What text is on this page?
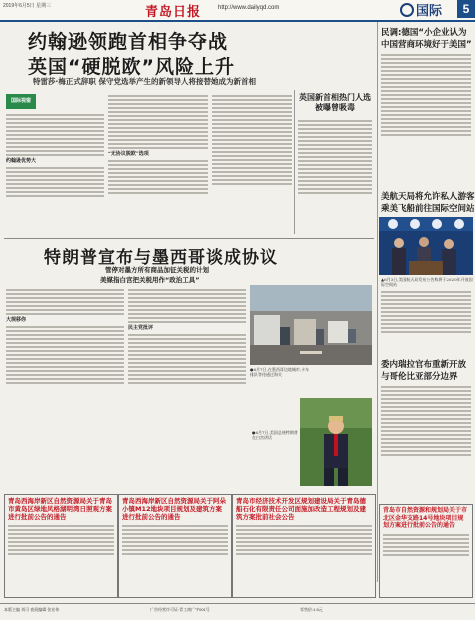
2019年6月5日 星期三	青岛日报	http://www.dailyqd.com	国际	5
约翰逊领跑首相争夺战
英国“硬脱欧”风险上升
特雷莎·梅正式辞职 保守党选举产生的新领导人将接替她成为新首相
国际视窗
约翰逊优势大
“无协议脱欧”选项
英国新首相热门人选被曝曾吸毒
民调:德国“小企业认为
中国营商环境好于美国”
美航天局将允许私人游客
乘美飞船前往国际空间站
▲6月3日,美国航天局发布公告称将于2020年开放国际空间站
委内瑞拉官布重新开放
与哥伦比亚部分边界
特朗普宣布与墨西哥谈成协议
管停对墨方所有商品加征关税的计划
美媒指白宫把关税用作“政治工具”
大规移你
民主党批评
●6月7日,在墨西哥边境城市,卡车排队等待通过海关
●6月7日,美国总统特朗普在白宫讲话
青岛西海岸新区自然资源局关于青岛市黄岛区绿地风格湖明湾日照观方案进行批前公告的通告
青岛西海岸新区自然资源局关于阿朵小镇M12地块项目规划及建筑方案进行批前公告的通告
青岛市经济技术开发区规划建设局关于青岛德船石化有限责任公司面施加改造工程规划及建筑方案批前社会公告
青岛市自然资源和规划局关于市北区金华支路14号地块项目规划方案进行批前公告的通告
本版主编 刘可 夜班编辑 张宏伟	广告经营许可证:青工商广字001号	零售价:1.5元
